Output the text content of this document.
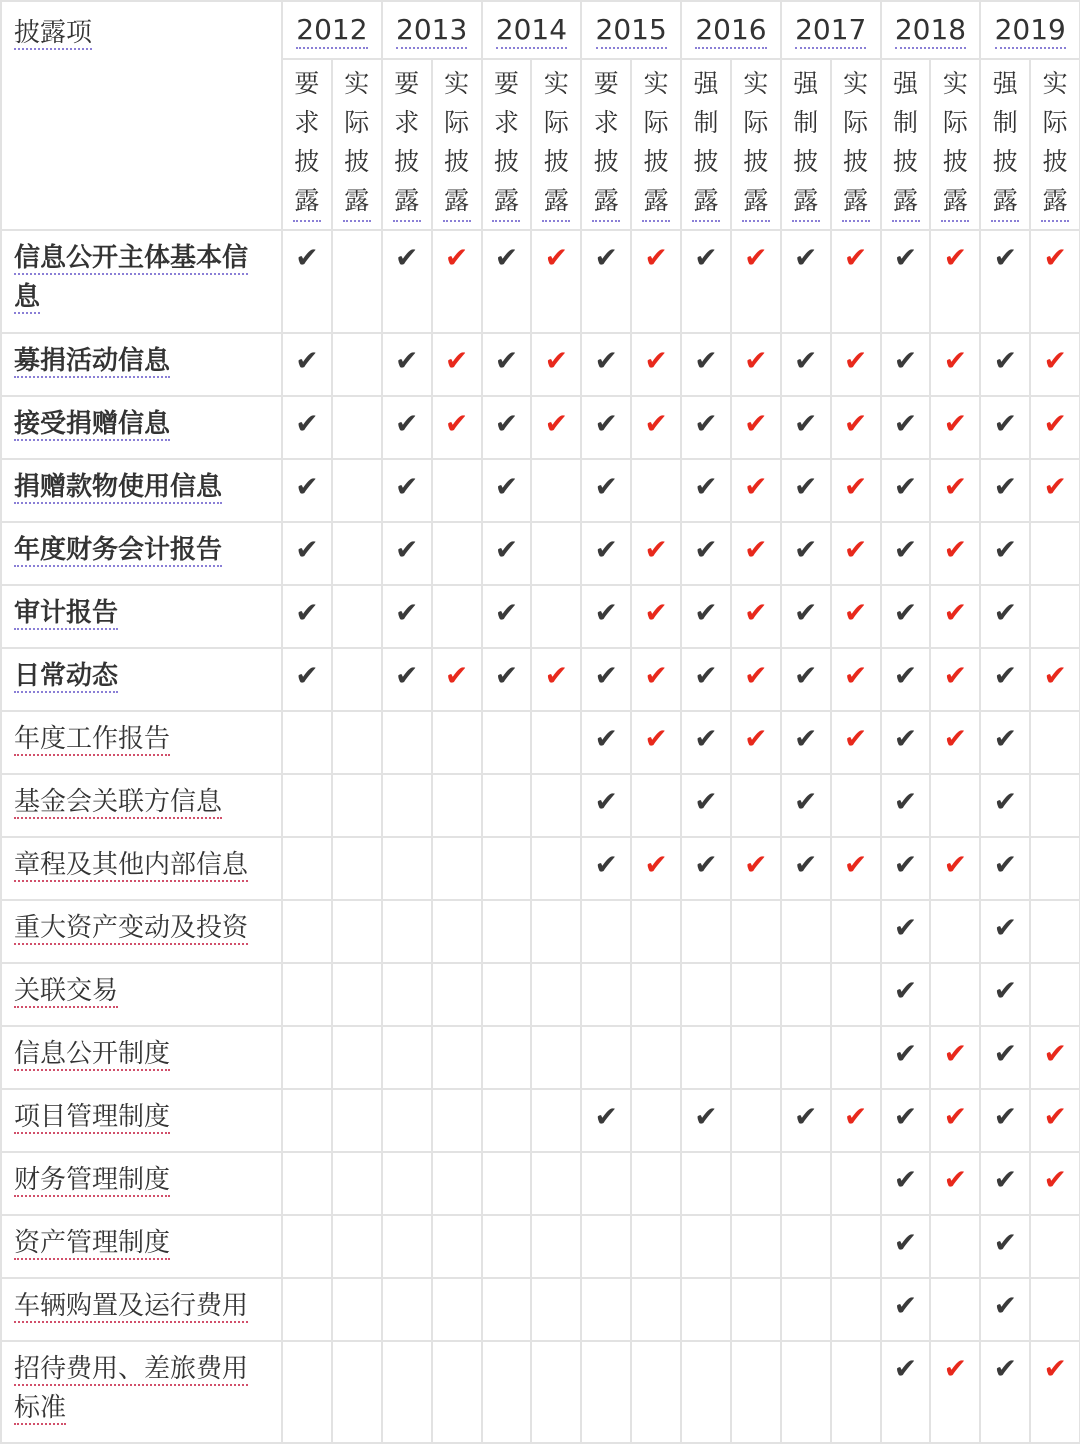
披露项	2012		2013		2014		2015		2016		2017		2018		2019	
	要求披露	实际披露	要求披露	实际披露	要求披露	实际披露	要求披露	实际披露	强制披露	实际披露	强制披露	实际披露	强制披露	实际披露	强制披露	实际披露
信息公开主体基本信息	✔		✔	✔	✔	✔	✔	✔	✔	✔	✔	✔	✔	✔	✔	✔
募捐活动信息	✔		✔	✔	✔	✔	✔	✔	✔	✔	✔	✔	✔	✔	✔	✔
接受捐赠信息	✔		✔	✔	✔	✔	✔	✔	✔	✔	✔	✔	✔	✔	✔	✔
捐赠款物使用信息	✔		✔		✔		✔		✔	✔	✔	✔	✔	✔	✔	✔
年度财务会计报告	✔		✔		✔		✔	✔	✔	✔	✔	✔	✔	✔	✔	
审计报告	✔		✔		✔		✔	✔	✔	✔	✔	✔	✔	✔	✔	
日常动态	✔		✔	✔	✔	✔	✔	✔	✔	✔	✔	✔	✔	✔	✔	✔
年度工作报告							✔	✔	✔	✔	✔	✔	✔	✔	✔	
基金会关联方信息							✔		✔		✔		✔		✔	
章程及其他内部信息							✔	✔	✔	✔	✔	✔	✔	✔	✔	
重大资产变动及投资													✔		✔	
关联交易													✔		✔	
信息公开制度													✔	✔	✔	✔
项目管理制度							✔		✔		✔	✔	✔	✔	✔	✔
财务管理制度													✔	✔	✔	✔
资产管理制度													✔		✔	
车辆购置及运行费用													✔		✔	
招待费用、差旅费用标准													✔	✔	✔	✔
